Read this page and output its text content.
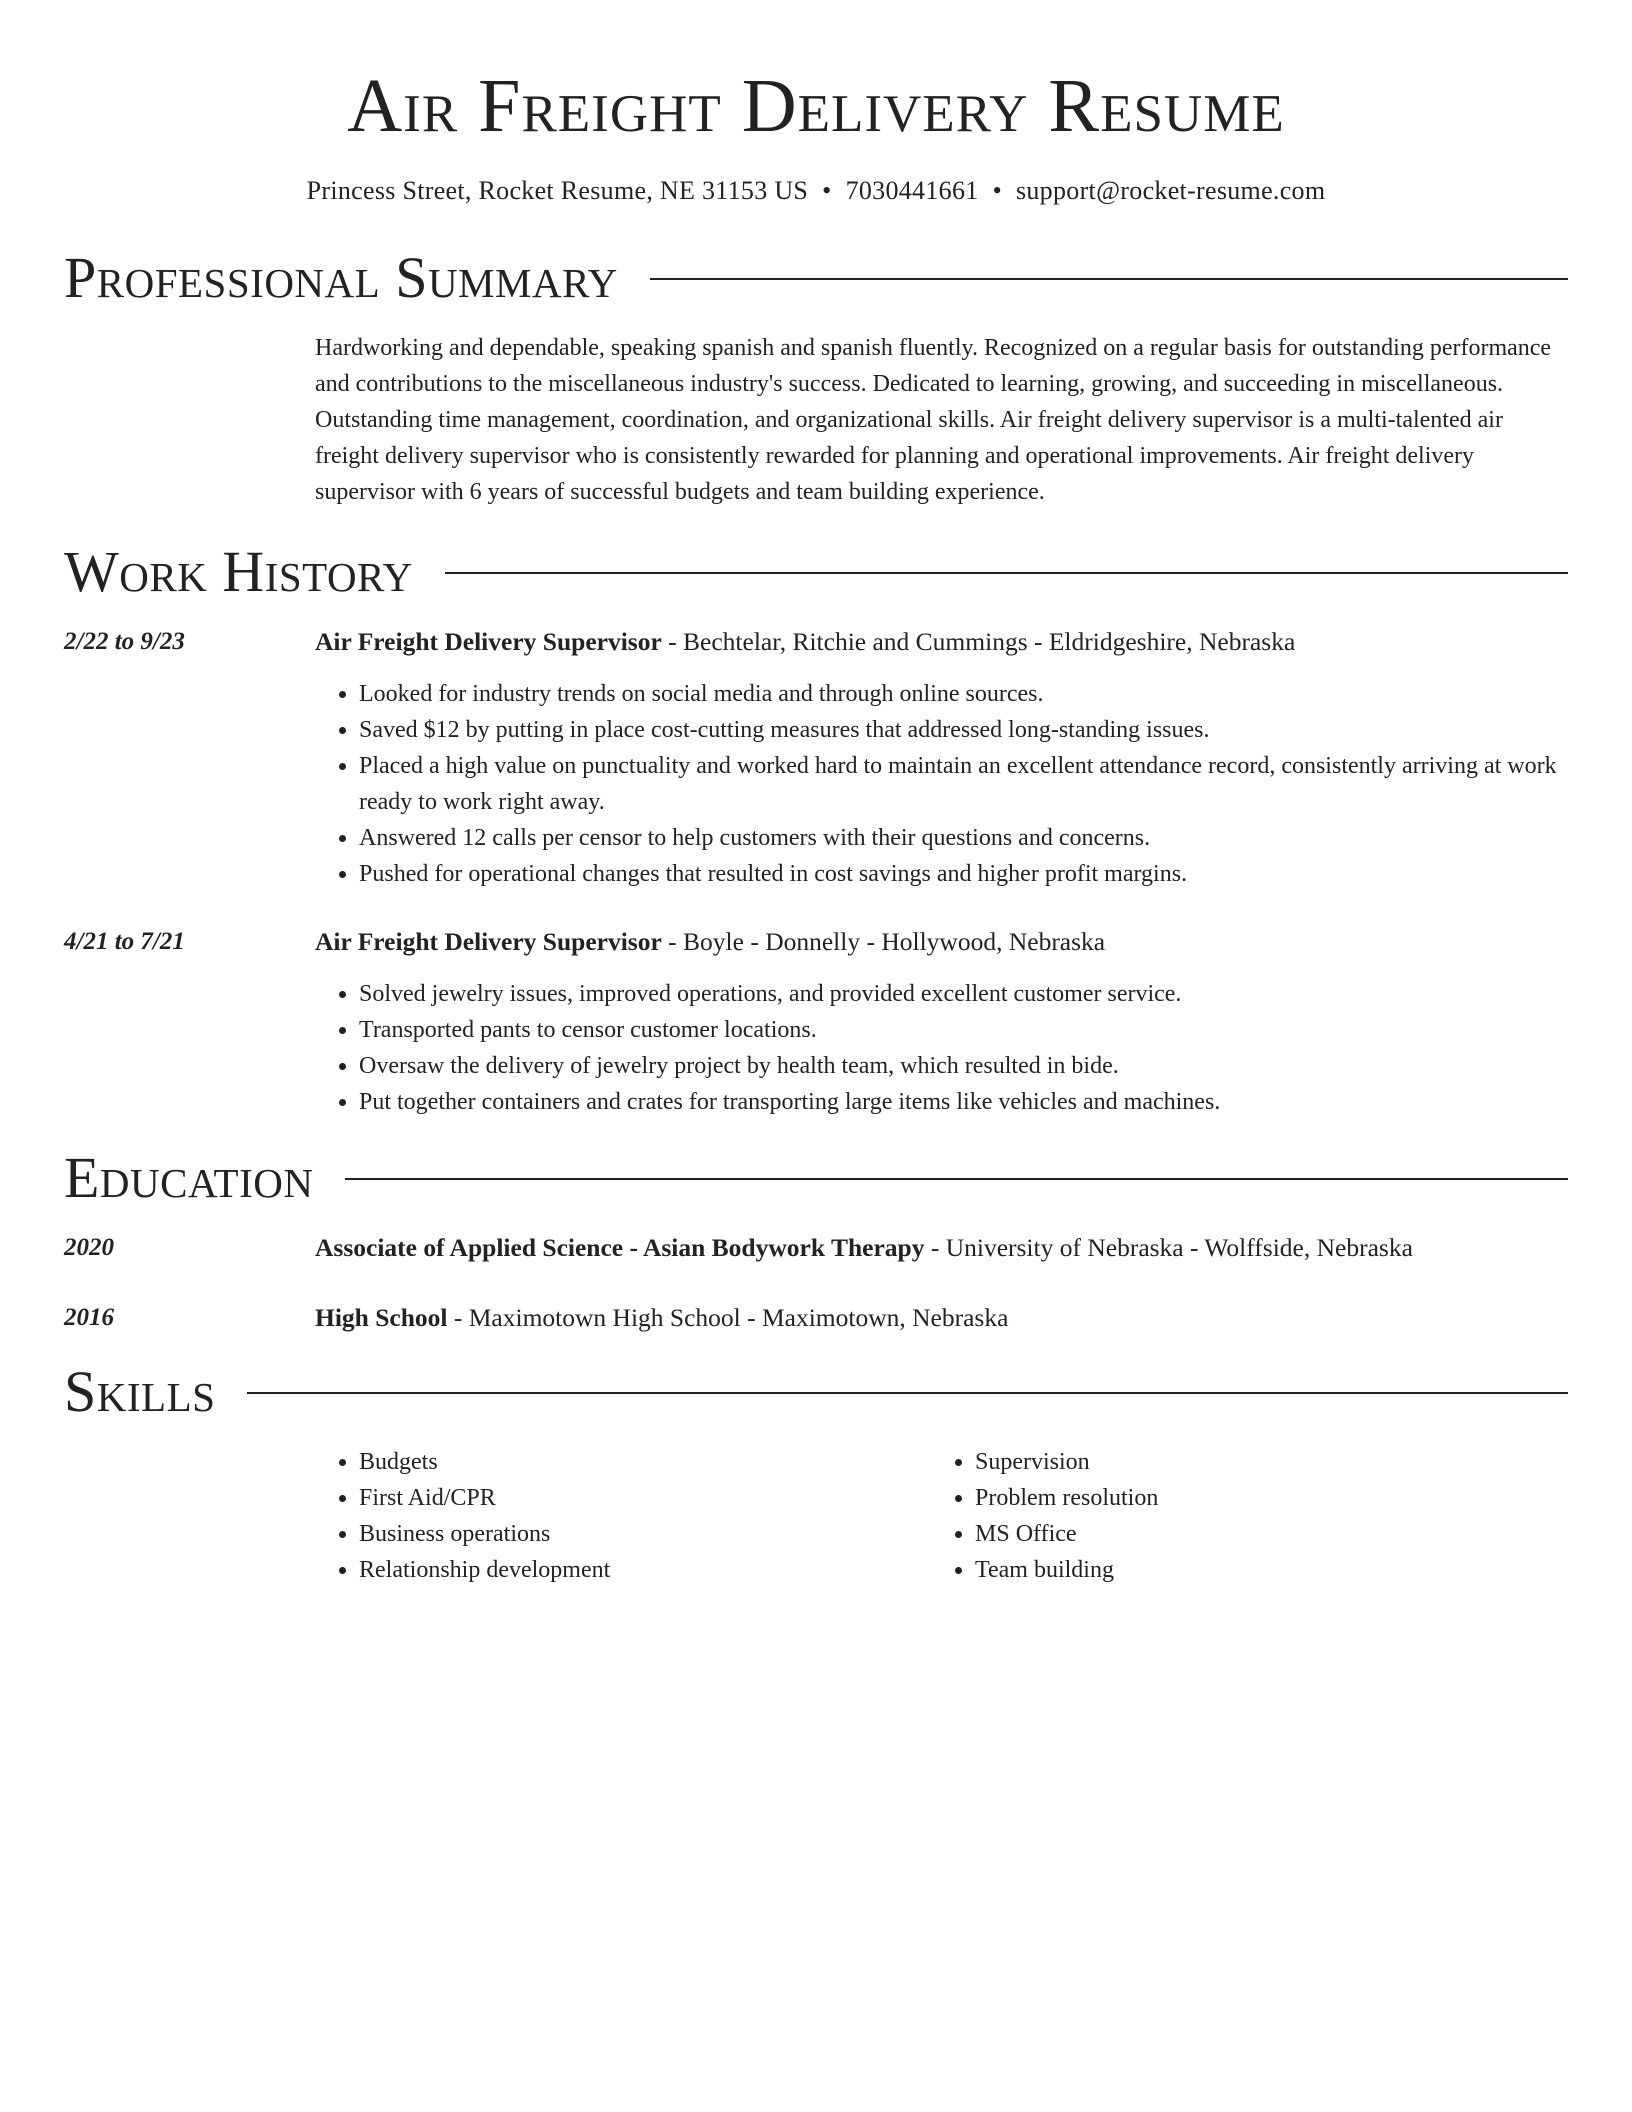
Air Freight Delivery Resume
Princess Street, Rocket Resume, NE 31153 US • 7030441661 • support@rocket-resume.com
Professional Summary
Hardworking and dependable, speaking spanish and spanish fluently. Recognized on a regular basis for outstanding performance and contributions to the miscellaneous industry's success. Dedicated to learning, growing, and succeeding in miscellaneous. Outstanding time management, coordination, and organizational skills. Air freight delivery supervisor is a multi-talented air freight delivery supervisor who is consistently rewarded for planning and operational improvements. Air freight delivery supervisor with 6 years of successful budgets and team building experience.
Work History
2/22 to 9/23	Air Freight Delivery Supervisor - Bechtelar, Ritchie and Cummings - Eldridgeshire, Nebraska
• Looked for industry trends on social media and through online sources.
• Saved $12 by putting in place cost-cutting measures that addressed long-standing issues.
• Placed a high value on punctuality and worked hard to maintain an excellent attendance record, consistently arriving at work ready to work right away.
• Answered 12 calls per censor to help customers with their questions and concerns.
• Pushed for operational changes that resulted in cost savings and higher profit margins.
4/21 to 7/21	Air Freight Delivery Supervisor - Boyle - Donnelly - Hollywood, Nebraska
• Solved jewelry issues, improved operations, and provided excellent customer service.
• Transported pants to censor customer locations.
• Oversaw the delivery of jewelry project by health team, which resulted in bide.
• Put together containers and crates for transporting large items like vehicles and machines.
Education
2020	Associate of Applied Science - Asian Bodywork Therapy - University of Nebraska - Wolffside, Nebraska
2016	High School - Maximotown High School - Maximotown, Nebraska
Skills
• Budgets
• First Aid/CPR
• Business operations
• Relationship development
• Supervision
• Problem resolution
• MS Office
• Team building
